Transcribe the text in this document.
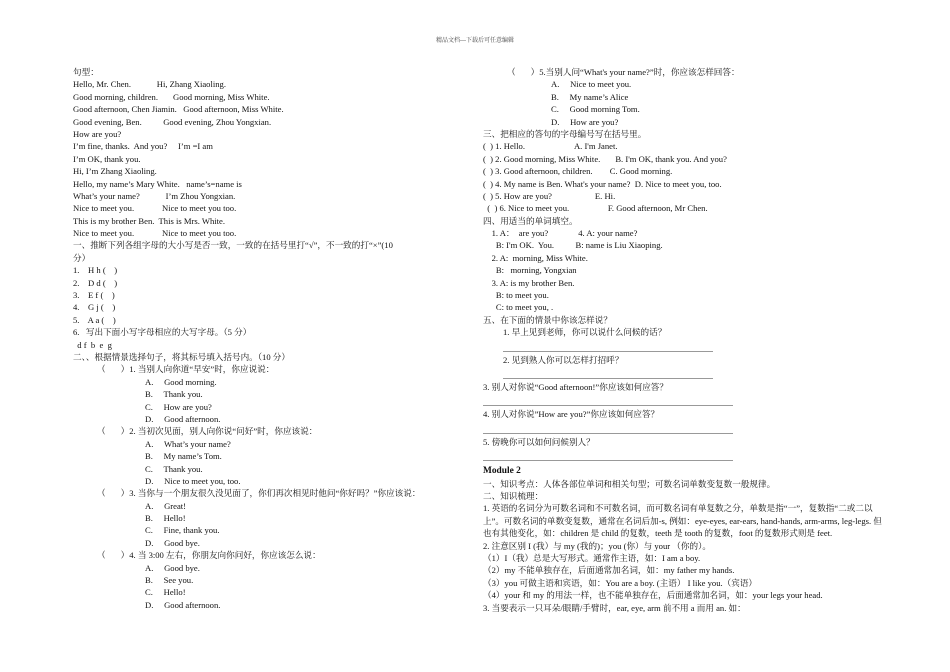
精品文档---下载后可任意编辑
句型：
Hello, Mr. Chen.            Hi, Zhang Xiaoling.
Good morning, children.       Good morning, Miss White.
Good afternoon, Chen Jiamin.   Good afternoon, Miss White.
Good evening, Ben.          Good evening, Zhou Yongxian.
How are you?
I’m fine, thanks.  And you?     I’m =I am
I’m OK, thank you.
Hi, I’m Zhang Xiaoling.
Hello, my name’s Mary White.   name’s=name is
What’s your name?            I’m Zhou Yongxian.
Nice to meet you.             Nice to meet you too.
This is my brother Ben.  This is Mrs. White.
Nice to meet you.             Nice to meet you too.
一、推断下列各组字母的大小写是否一致，一致的在括号里打“√”，不一致的打“×”(10
分）
1.    H h (    )
2.    D d (    )
3.    E f (    )
4.    G j (    )
5.    A a (    )
6.   写出下面小写字母相应的大写字母。（5 分）
d f  b  e  g
二、、根据情景选择句子，将其标号填入括号内。（10 分）
（       ）1. 当别人向你道“早安”时，你应说说：
A.     Good morning.
B.     Thank you.
C.     How are you?
D.     Good afternoon.
（       ）2. 当初次见面，别人向你说“问好”时，你应该说：
A.     What’s your name?
B.     My name’s Tom.
C.     Thank you.
D.     Nice to meet you, too.
（       ）3. 当你与一个朋友很久没见面了，你们再次相见时他问“你好吗？”你应该说：
A.     Great!
B.     Hello!
C.     Fine, thank you.
D.     Good bye.
（       ）4. 当 3:00 左右，你朋友向你问好，你应该怎么说：
A.     Good bye.
B.     See you.
C.     Hello!
D.     Good afternoon.
（       ）5.当别人问“What's your name?”时，你应该怎样回答：
A.     Nice to meet you.
B.     My name’s Alice
C.     Good morning Tom.
D.     How are you?
三、把相应的答句的字母编号写在括号里。
(  ) 1. Hello.                       A. I'm Janet.
(  ) 2. Good morning, Miss White.       B. I'm OK, thank you. And you?
(  ) 3. Good afternoon, children.        C. Good morning.
(  ) 4. My name is Ben. What's your name?  D. Nice to meet you, too.
(  ) 5. How are you?                    E. Hi.
(  ) 6. Nice to meet you.                  F. Good afternoon, Mr Chen.
四、用适当的单词填空。
1. A：  are you?              4. A: your name?
B: I'm OK.  You.          B: name is Liu Xiaoping.
2. A:  morning, Miss White.
B:   morning, Yongxian
3. A: is my brother Ben.
B: to meet you.
C: to meet you, .
五、在下面的情景中你该怎样说？
1. 早上见到老师，你可以说什么问候的话？
2. 见到熟人你可以怎样打招呼？
3. 别人对你说“Good afternoon!”你应该如何应答？
4. 别人对你说”How are you?”你应该如何应答？
5. 傍晚你可以如何问候别人？
Module 2
一、知识考点：人体各部位单词和相关句型；可数名词单数变复数一般规律。
二、知识梳理：
1. 英语的名词分为可数名词和不可数名词，而可数名词有单复数之分，单数是指“一”，复数指“二或二以上”。可数名词的单数变复数，通常在名词后加-s, 例如：eye-eyes, ear-ears, hand-hands, arm-arms, leg-legs. 但也有其他变化，如：children 是 child 的复数，teeth 是 tooth 的复数，foot 的复数形式则是 feet.
2. 注意区别 I (我）与 my (我的)；you (你）与 your （你的）。
（1）I（我）总是大写形式。通常作主语，如：I am a boy.
（2）my 不能单独存在，后面通常加名词，如：my father my hands.
（3）you 可做主语和宾语，如：You are a boy. (主语） I like you.（宾语）
（4）your 和 my 的用法一样，也不能单独存在，后面通常加名词，如：your legs your head.
3. 当要表示一只耳朵/眼睛/手臂时，ear, eye, arm 前不用 a 而用 an. 如：
